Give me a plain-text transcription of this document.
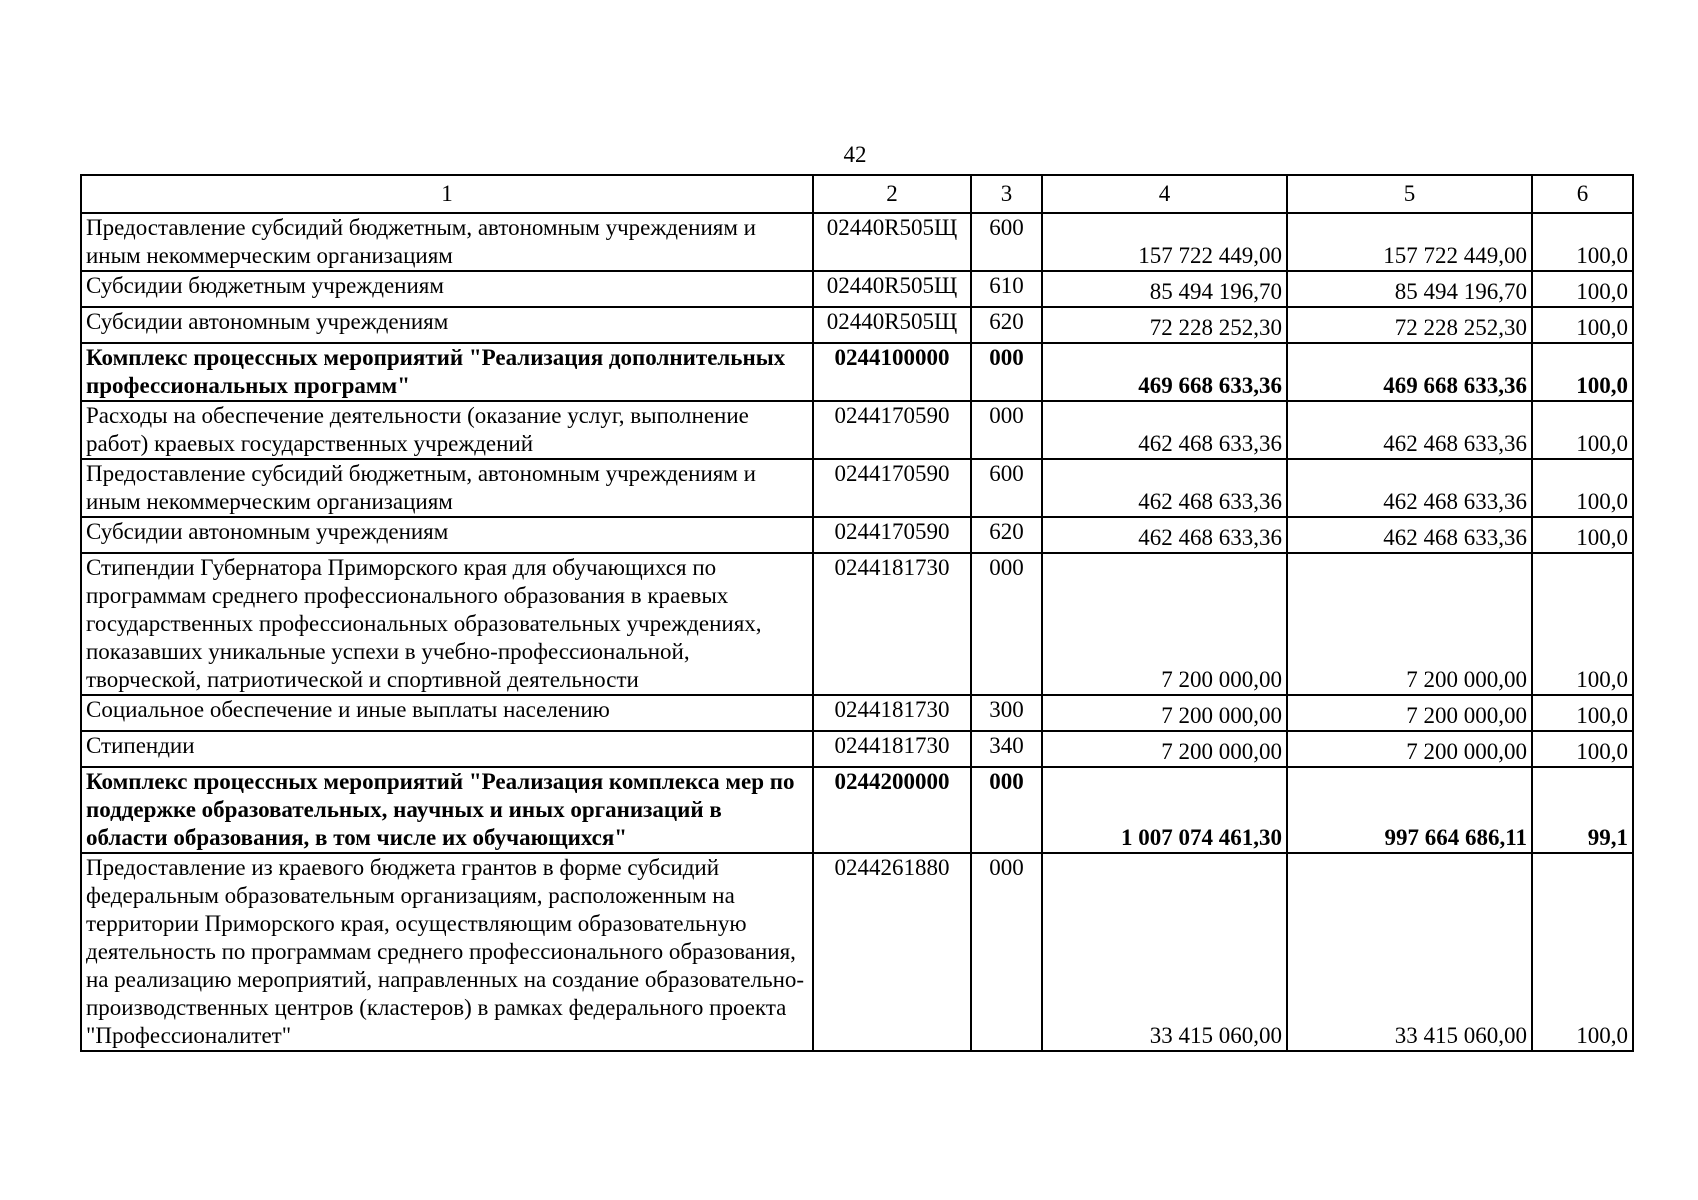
42
1	2	3	4	5	6
Предоставление субсидий бюджетным, автономным учреждениям и иным некоммерческим организациям	02440R505Щ	600	157 722 449,00	157 722 449,00	100,0
Субсидии бюджетным учреждениям	02440R505Щ	610	85 494 196,70	85 494 196,70	100,0
Субсидии автономным учреждениям	02440R505Щ	620	72 228 252,30	72 228 252,30	100,0
Комплекс процессных мероприятий "Реализация дополнительных профессиональных программ"	0244100000	000	469 668 633,36	469 668 633,36	100,0
Расходы на обеспечение деятельности (оказание услуг, выполнение работ) краевых государственных учреждений	0244170590	000	462 468 633,36	462 468 633,36	100,0
Предоставление субсидий бюджетным, автономным учреждениям и иным некоммерческим организациям	0244170590	600	462 468 633,36	462 468 633,36	100,0
Субсидии автономным учреждениям	0244170590	620	462 468 633,36	462 468 633,36	100,0
Стипендии Губернатора Приморского края для обучающихся по программам среднего профессионального образования в краевых государственных профессиональных образовательных учреждениях, показавших уникальные успехи в учебно-профессиональной, творческой, патриотической и спортивной деятельности	0244181730	000	7 200 000,00	7 200 000,00	100,0
Социальное обеспечение и иные выплаты населению	0244181730	300	7 200 000,00	7 200 000,00	100,0
Стипендии	0244181730	340	7 200 000,00	7 200 000,00	100,0
Комплекс процессных мероприятий "Реализация комплекса мер по поддержке образовательных, научных и иных организаций в области образования, в том числе их обучающихся"	0244200000	000	1 007 074 461,30	997 664 686,11	99,1
Предоставление из краевого бюджета грантов в форме субсидий федеральным образовательным организациям, расположенным на территории Приморского края, осуществляющим образовательную деятельность по программам среднего профессионального образования, на реализацию мероприятий, направленных на создание образовательно-производственных центров (кластеров) в рамках федерального проекта "Профессионалитет"	0244261880	000	33 415 060,00	33 415 060,00	100,0
